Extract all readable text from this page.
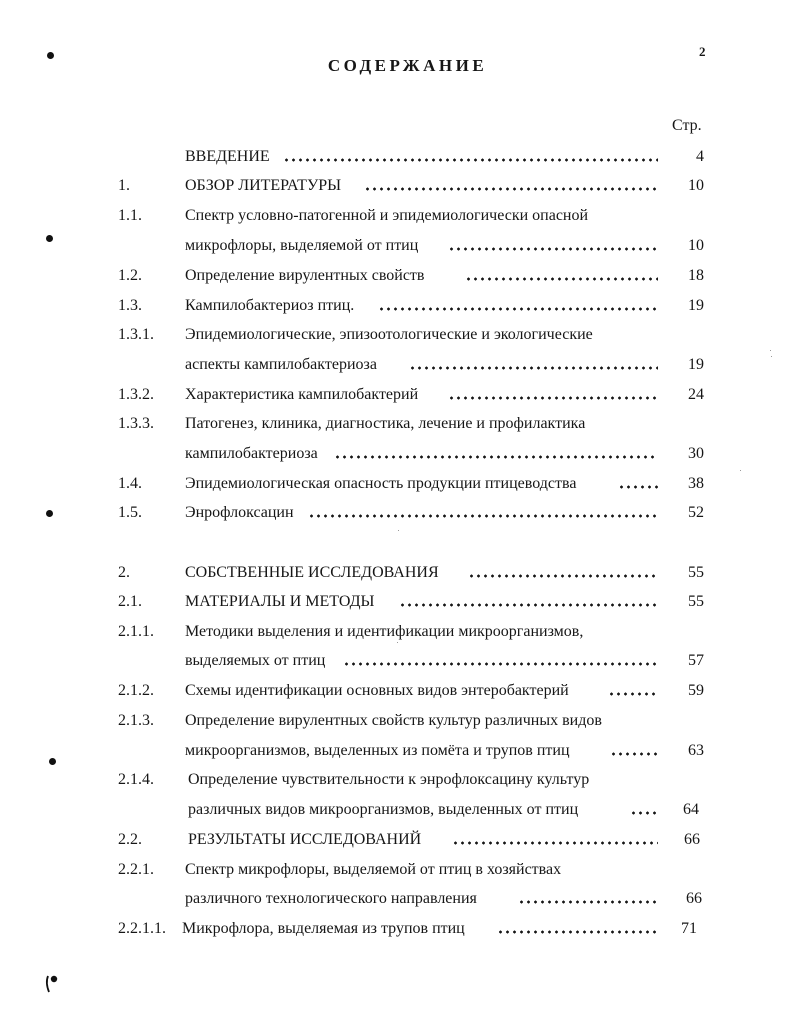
2
СОДЕРЖАНИЕ
Стр.
ВВЕДЕНИЕ	4
1.	ОБЗОР ЛИТЕРАТУРЫ	10
1.1.	Спектр условно-патогенной и эпидемиологически опасной
микрофлоры, выделяемой от птиц	10
1.2.	Определение вирулентных свойств	18
1.3.	Кампилобактериоз птиц.	19
1.3.1. Эпидемиологические, эпизоотологические и экологические
аспекты кампилобактериоза	19
1.3.2. Характеристика кампилобактерий	24
1.3.3. Патогенез, клиника, диагностика, лечение и профилактика
кампилобактериоза	30
1.4.	Эпидемиологическая опасность продукции птицеводства	38
1.5.	Энрофлоксацин	52
2.	СОБСТВЕННЫЕ ИССЛЕДОВАНИЯ	55
2.1.	МАТЕРИАЛЫ И МЕТОДЫ	55
2.1.1. Методики выделения и идентификации микроорганизмов,
выделяемых от птиц	57
2.1.2. Схемы идентификации основных видов энтеробактерий	59
2.1.3. Определение вирулентных свойств культур различных видов
микроорганизмов, выделенных из помёта и трупов птиц	63
2.1.4. Определение чувствительности к энрофлоксацину культур
различных видов микроорганизмов, выделенных от птиц	64
2.2.	РЕЗУЛЬТАТЫ ИССЛЕДОВАНИЙ	66
2.2.1. Спектр микрофлоры, выделяемой от птиц в хозяйствах
различного технологического направления	66
2.2.1.1. Микрофлора, выделяемая из трупов птиц	71
